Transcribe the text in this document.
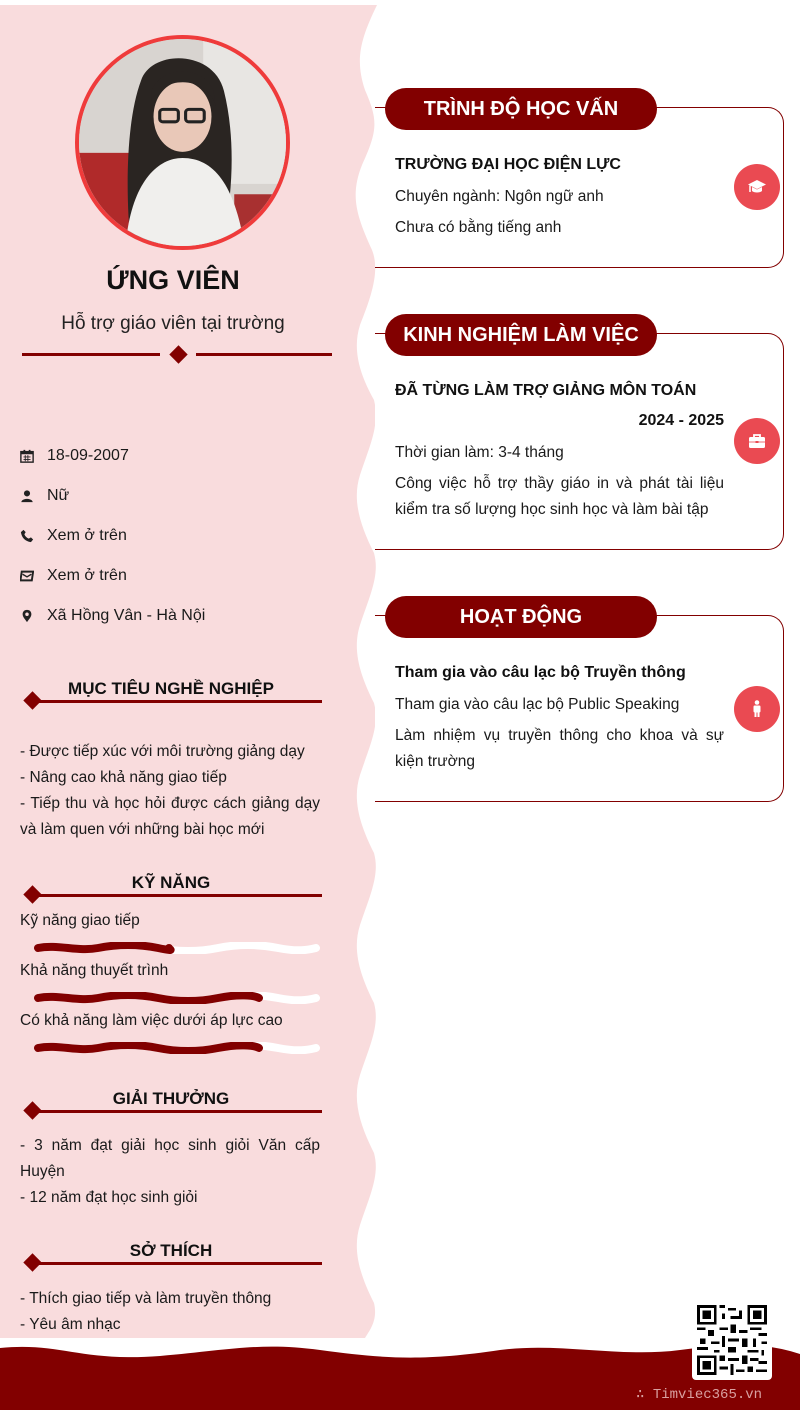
ỨNG VIÊN
Hỗ trợ giáo viên tại trường
18-09-2007
Nữ
Xem ở trên
Xem ở trên
Xã Hồng Vân - Hà Nội
MỤC TIÊU NGHỀ NGHIỆP
- Được tiếp xúc với môi trường giảng dạy
- Nâng cao khả năng giao tiếp
- Tiếp thu và học hỏi được cách giảng dạy và làm quen với những bài học mới
KỸ NĂNG
Kỹ năng giao tiếp
Khả năng thuyết trình
Có khả năng làm việc dưới áp lực cao
GIẢI THƯỞNG
- 3 năm đạt giải học sinh giỏi Văn cấp Huyện
- 12 năm đạt học sinh giỏi
SỞ THÍCH
- Thích giao tiếp và làm truyền thông
- Yêu âm nhạc
TRÌNH ĐỘ HỌC VẤN
TRƯỜNG ĐẠI HỌC ĐIỆN LỰC
Chuyên ngành: Ngôn ngữ anh
Chưa có bằng tiếng anh
KINH NGHIỆM LÀM VIỆC
ĐÃ TỪNG LÀM TRỢ GIẢNG MÔN TOÁN
2024 - 2025
Thời gian làm: 3-4 tháng
Công việc hỗ trợ thầy giáo in và phát tài liệu kiểm tra số lượng học sinh học và làm bài tập
HOẠT ĐỘNG
Tham gia vào câu lạc bộ Truyền thông
Tham gia vào câu lạc bộ Public Speaking
Làm nhiệm vụ truyền thông cho khoa và sự kiện trường
∴ Timviec365.vn
